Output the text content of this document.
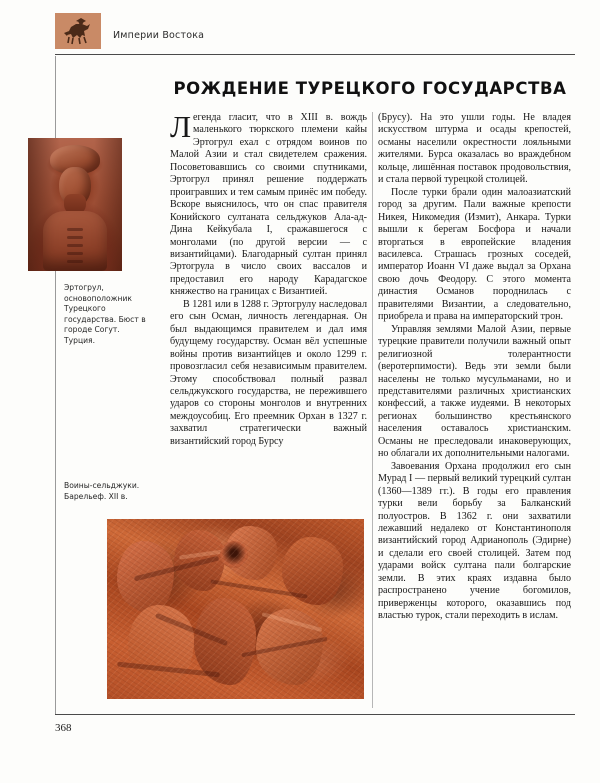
Империи Востока
РОЖДЕНИЕ ТУРЕЦКОГО ГОСУДАРСТВА
Эртогрул, основоположник Турецкого государства. Бюст в городе Согут. Турция.
Воины-сельджуки. Барельеф. XII в.

Легенда гласит, что в XIII в. вождь маленького тюркского племени кайы Эртогрул ехал с отрядом воинов по Малой Азии и стал свидетелем сражения. Посоветовавшись со своими спутниками, Эртогрул принял решение поддержать проигравших и тем самым принёс им победу. Вскоре выяснилось, что он спас правителя Конийского султаната сельджуков Ала-ад-Дина Кейкубала I, сражавшегося с монголами (по другой версии — с византийцами). Благодарный султан принял Эртогрула в число своих вассалов и предоставил его народу Карадагское княжество на границах с Византией.

В 1281 или в 1288 г. Эртогрулу наследовал его сын Осман, личность легендарная. Он был выдающимся правителем и дал имя будущему государству. Осман вёл успешные войны против византийцев и около 1299 г. провозгласил себя независимым правителем. Этому способствовал полный развал сельджукского государства, не пережившего ударов со стороны монголов и внутренних междоусобиц. Его преемник Орхан в 1327 г. захватил стратегически важный византийский город Бурсу

(Брусу). На это ушли годы. Не владея искусством штурма и осады крепостей, османы населили окрестности лояльными жителями. Бурса оказалась во враждебном кольце, лишённая поставок продовольствия, и стала первой турецкой столицей.

После турки брали один малоазиатский город за другим. Пали важные крепости Никея, Никомедия (Измит), Анкара. Турки вышли к берегам Босфора и начали вторгаться в европейские владения василевса. Страшась грозных соседей, император Иоанн VI даже выдал за Орхана свою дочь Феодору. С этого момента династия Османов породнилась с правителями Византии, а следовательно, приобрела и права на императорский трон.

Управляя землями Малой Азии, первые турецкие правители получили важный опыт религиозной толерантности (веротерпимости). Ведь эти земли были населены не только мусульманами, но и представителями различных христианских конфессий, а также иудеями. В некоторых регионах большинство крестьянского населения оставалось христианским. Османы не преследовали инаковерующих, но облагали их дополнительными налогами.

Завоевания Орхана продолжил его сын Мурад I — первый великий турецкий султан (1360—1389 гг.). В годы его правления турки вели борьбу за Балканский полуостров. В 1362 г. они захватили лежавший недалеко от Константинополя византийский город Адрианополь (Эдирне) и сделали его своей столицей. Затем под ударами войск султана пали болгарские земли. В этих краях издавна было распространено учение богомилов, приверженцы которого, оказавшись под властью турок, стали переходить в ислам.

368
